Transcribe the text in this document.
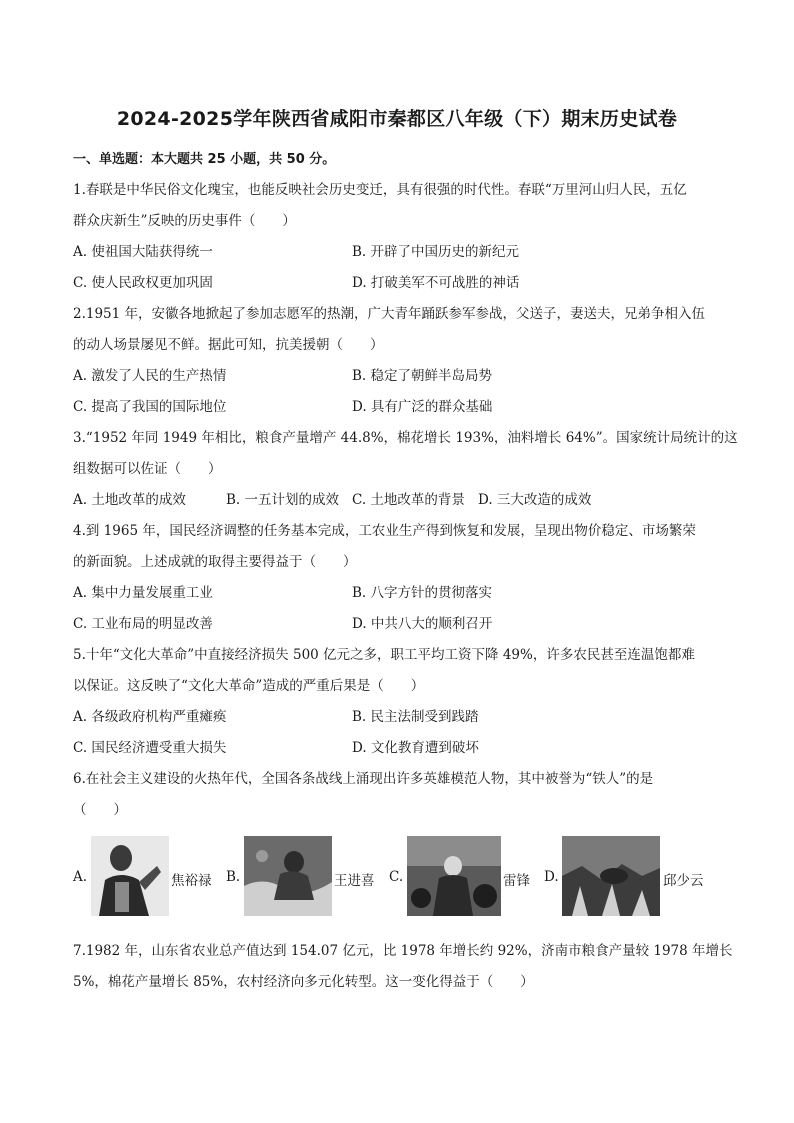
2024-2025学年陕西省咸阳市秦都区八年级（下）期末历史试卷

一、单选题：本大题共 25 小题，共 50 分。

1.春联是中华民俗文化瑰宝，也能反映社会历史变迁，具有很强的时代性。春联“万里河山归人民，五亿

群众庆新生”反映的历史事件（　　）

A. 使祖国大陆获得统一	B. 开辟了中国历史的新纪元

C. 使人民政权更加巩固	D. 打破美军不可战胜的神话

2.1951 年，安徽各地掀起了参加志愿军的热潮，广大青年踊跃参军参战，父送子，妻送夫，兄弟争相入伍

的动人场景屡见不鲜。据此可知，抗美援朝（　　）

A. 激发了人民的生产热情	B. 稳定了朝鲜半岛局势

C. 提高了我国的国际地位	D. 具有广泛的群众基础

3.“1952 年同 1949 年相比，粮食产量增产 44.8%，棉花增长 193%，油料增长 64%”。国家统计局统计的这

组数据可以佐证（　　）

A. 土地改革的成效	B. 一五计划的成效 C. 土地改革的背景 D. 三大改造的成效

4.到 1965 年，国民经济调整的任务基本完成，工农业生产得到恢复和发展，呈现出物价稳定、市场繁荣

的新面貌。上述成就的取得主要得益于（　　）

A. 集中力量发展重工业	B. 八字方针的贯彻落实

C. 工业布局的明显改善	D. 中共八大的顺利召开

5.十年“文化大革命”中直接经济损失 500 亿元之多，职工平均工资下降 49%，许多农民甚至连温饱都难

以保证。这反映了“文化大革命”造成的严重后果是（　　）

A. 各级政府机构严重瘫痪	B. 民主法制受到践踏

C. 国民经济遭受重大损失	D. 文化教育遭到破坏

6.在社会主义建设的火热年代，全国各条战线上涌现出许多英雄模范人物，其中被誉为“铁人”的是

（　　）

A.	焦裕禄 B.	王进喜 C.	雷锋 D.	邱少云

7.1982 年，山东省农业总产值达到 154.07 亿元，比 1978 年增长约 92%，济南市粮食产量较 1978 年增长

5%，棉花产量增长 85%，农村经济向多元化转型。这一变化得益于（　　）
